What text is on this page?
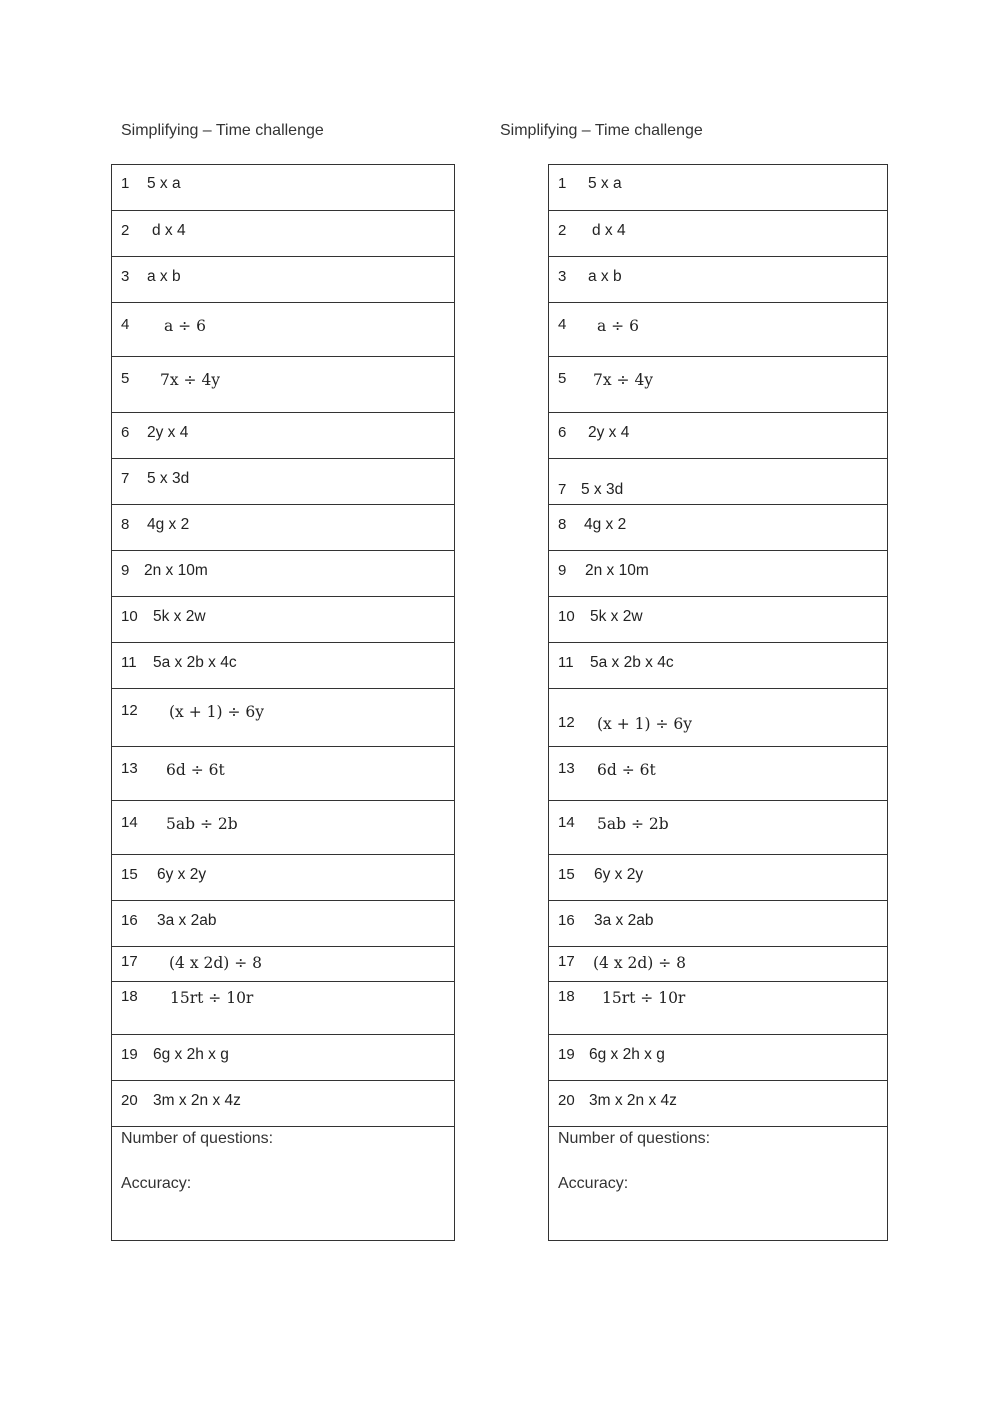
Simplifying – Time challenge	Simplifying – Time challenge
1 5 x a
2 d x 4
3 a x b
4 a ÷ 6
5 7x ÷ 4y
6 2y x 4
7 5 x 3d
8 4g x 2
9 2n x 10m
10 5k x 2w
11 5a x 2b x 4c
12 (x + 1) ÷ 6y
13 6d ÷ 6t
14 5ab ÷ 2b
15 6y x 2y
16 3a x 2ab
17 (4 x 2d) ÷ 8
18 15rt ÷ 10r
19 6g x 2h x g
20 3m x 2n x 4z
Number of questions:
Accuracy:
1 5 x a
2 d x 4
3 a x b
4 a ÷ 6
5 7x ÷ 4y
6 2y x 4
7 5 x 3d
8 4g x 2
9 2n x 10m
10 5k x 2w
11 5a x 2b x 4c
12 (x + 1) ÷ 6y
13 6d ÷ 6t
14 5ab ÷ 2b
15 6y x 2y
16 3a x 2ab
17 (4 x 2d) ÷ 8
18 15rt ÷ 10r
19 6g x 2h x g
20 3m x 2n x 4z
Number of questions:
Accuracy:
